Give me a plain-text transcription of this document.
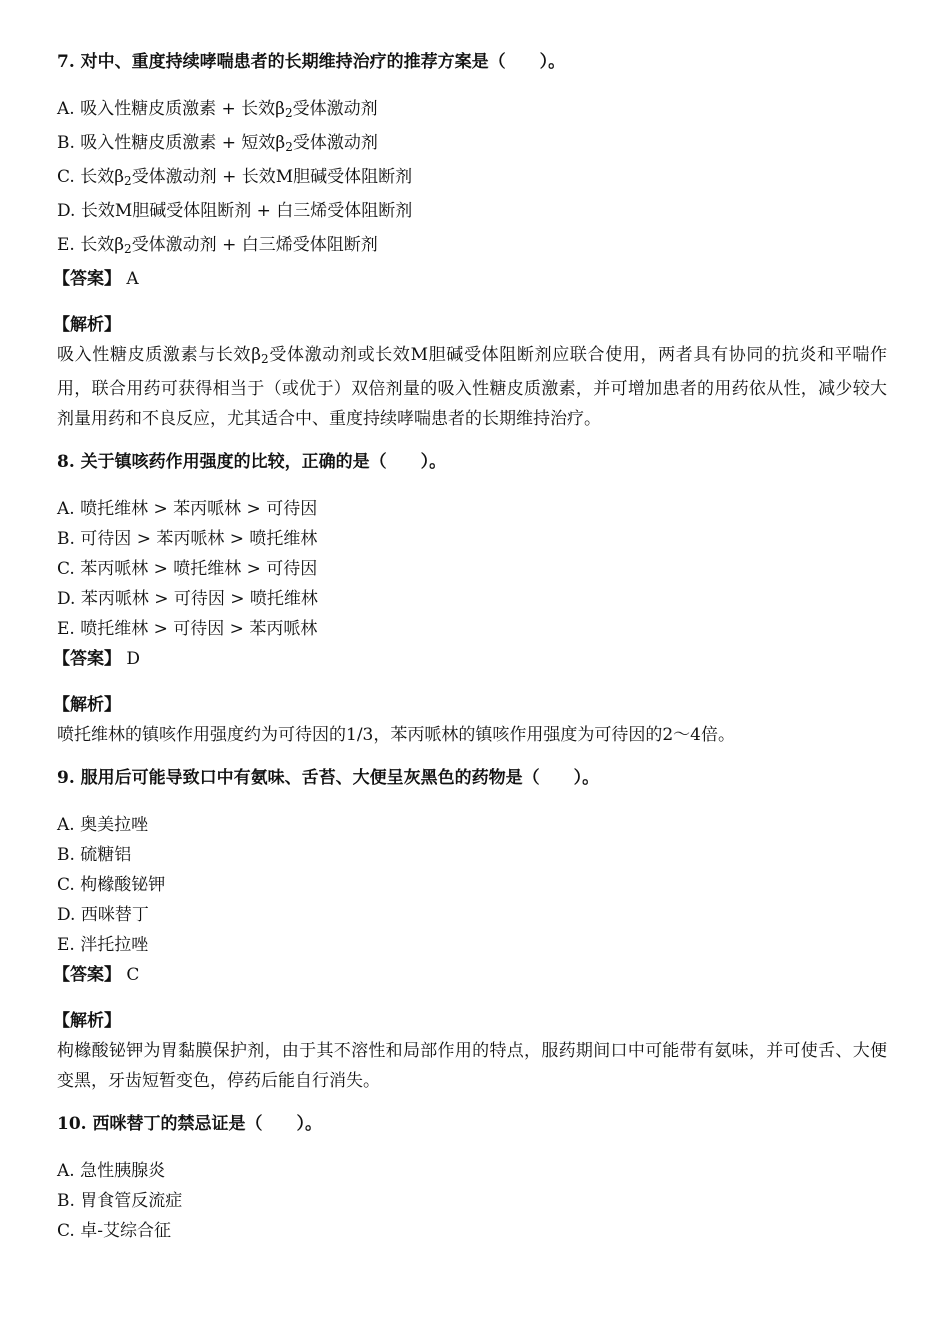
7. 对中、重度持续哮喘患者的长期维持治疗的推荐方案是（　　）。
A. 吸入性糖皮质激素 + 长效$\beta_2$受体激动剂
B. 吸入性糖皮质激素 + 短效$\beta_2$受体激动剂
C. 长效$\beta_2$受体激动剂 + 长效M胆碱受体阻断剂
D. 长效M胆碱受体阻断剂 + 白三烯受体阻断剂
E. 长效$\beta_2$受体激动剂 + 白三烯受体阻断剂
【答案】 A
【解析】
吸入性糖皮质激素与长效$\beta_2$受体激动剂或长效M胆碱受体阻断剂应联合使用，两者具有协同的抗炎和平喘作用，联合用药可获得相当于（或优于）双倍剂量的吸入性糖皮质激素，并可增加患者的用药依从性，减少较大剂量用药和不良反应，尤其适合中、重度持续哮喘患者的长期维持治疗。
8. 关于镇咳药作用强度的比较，正确的是（　　）。
A. 喷托维林 > 苯丙哌林 > 可待因
B. 可待因 > 苯丙哌林 > 喷托维林
C. 苯丙哌林 > 喷托维林 > 可待因
D. 苯丙哌林 > 可待因 > 喷托维林
E. 喷托维林 > 可待因 > 苯丙哌林
【答案】 D
【解析】
喷托维林的镇咳作用强度约为可待因的1/3，苯丙哌林的镇咳作用强度为可待因的2～4倍。
9. 服用后可能导致口中有氨味、舌苔、大便呈灰黑色的药物是（　　）。
A. 奥美拉唑
B. 硫糖铝
C. 枸橼酸铋钾
D. 西咪替丁
E. 泮托拉唑
【答案】 C
【解析】
枸橼酸铋钾为胃黏膜保护剂，由于其不溶性和局部作用的特点，服药期间口中可能带有氨味，并可使舌、大便变黑，牙齿短暂变色，停药后能自行消失。
10. 西咪替丁的禁忌证是（　　）。
A. 急性胰腺炎
B. 胃食管反流症
C. 卓-艾综合征
